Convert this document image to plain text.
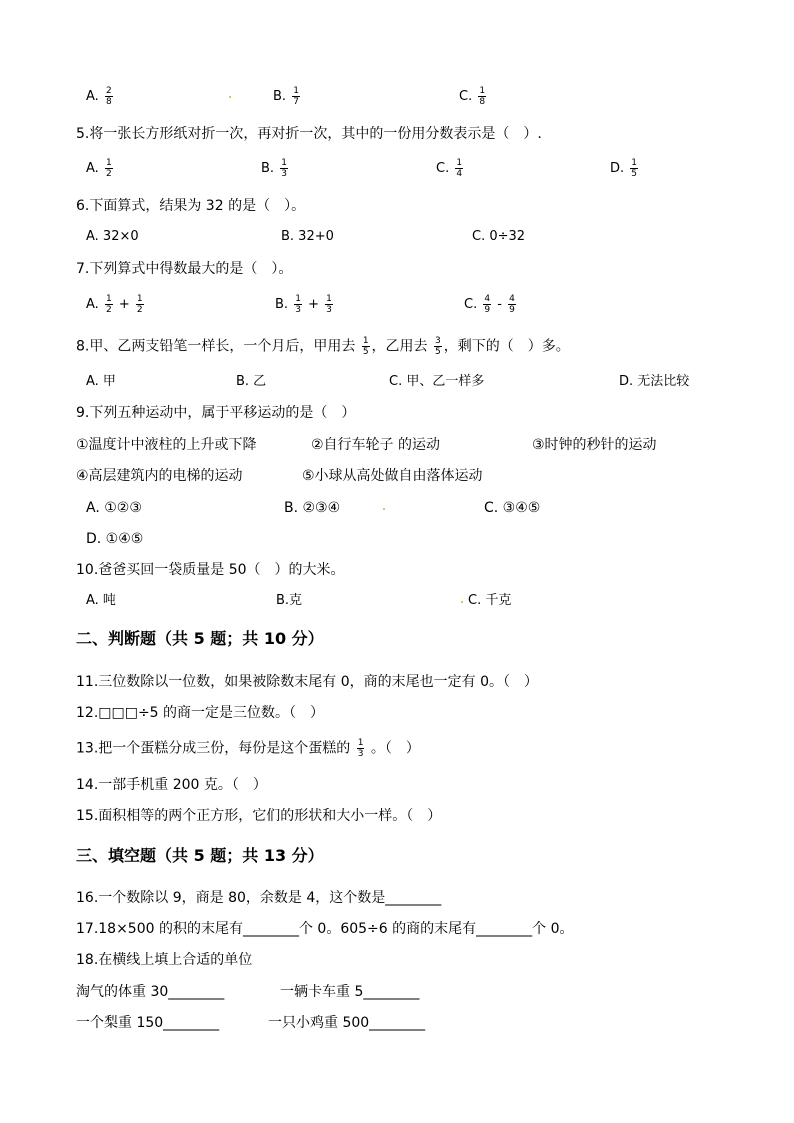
A. $\frac{2}{8}$	B. $\frac{1}{7}$	C. $\frac{1}{8}$
5.将一张长方形纸对折一次，再对折一次，其中的一份用分数表示是（　）.
A. $\frac{1}{2}$	B. $\frac{1}{3}$	C. $\frac{1}{4}$	D. $\frac{1}{5}$
6.下面算式，结果为 32 的是（　）。
A. 32×0	B. 32+0	C. 0÷32
7.下列算式中得数最大的是（　）。
A. $\frac{1}{2} + \frac{1}{2}$	B. $\frac{1}{3} + \frac{1}{3}$	C. $\frac{4}{9} - \frac{4}{9}$
8.甲、乙两支铅笔一样长，一个月后，甲用去 $\frac{1}{5}$ ，乙用去 $\frac{3}{5}$ ，剩下的（　）多。
A. 甲	B. 乙	C. 甲、乙一样多	D. 无法比较
9.下列五种运动中，属于平移运动的是（　）
①温度计中液柱的上升或下降	②自行车轮子 的运动	③时钟的秒针的运动
④高层建筑内的电梯的运动	⑤小球从高处做自由落体运动
A. ①②③	B. ②③④	C. ③④⑤
D. ①④⑤
10.爸爸买回一袋质量是 50（　）的大米。
A. 吨	B.克	C. 千克
二、判断题（共 5 题；共 10 分）
11.三位数除以一位数，如果被除数末尾有 0，商的末尾也一定有 0。（　）
12.□□□÷5 的商一定是三位数。（　）
13.把一个蛋糕分成三份，每份是这个蛋糕的 $\frac{1}{3}$ 。（　）
14.一部手机重 200 克。（　）
15.面积相等的两个正方形，它们的形状和大小一样。（　）
三、填空题（共 5 题；共 13 分）
16.一个数除以 9，商是 80，余数是 4，这个数是________
17.18×500 的积的末尾有________个 0。605÷6 的商的末尾有________个 0。
18.在横线上填上合适的单位
淘气的体重 30________	一辆卡车重 5________
一个梨重 150________	一只小鸡重 500________
